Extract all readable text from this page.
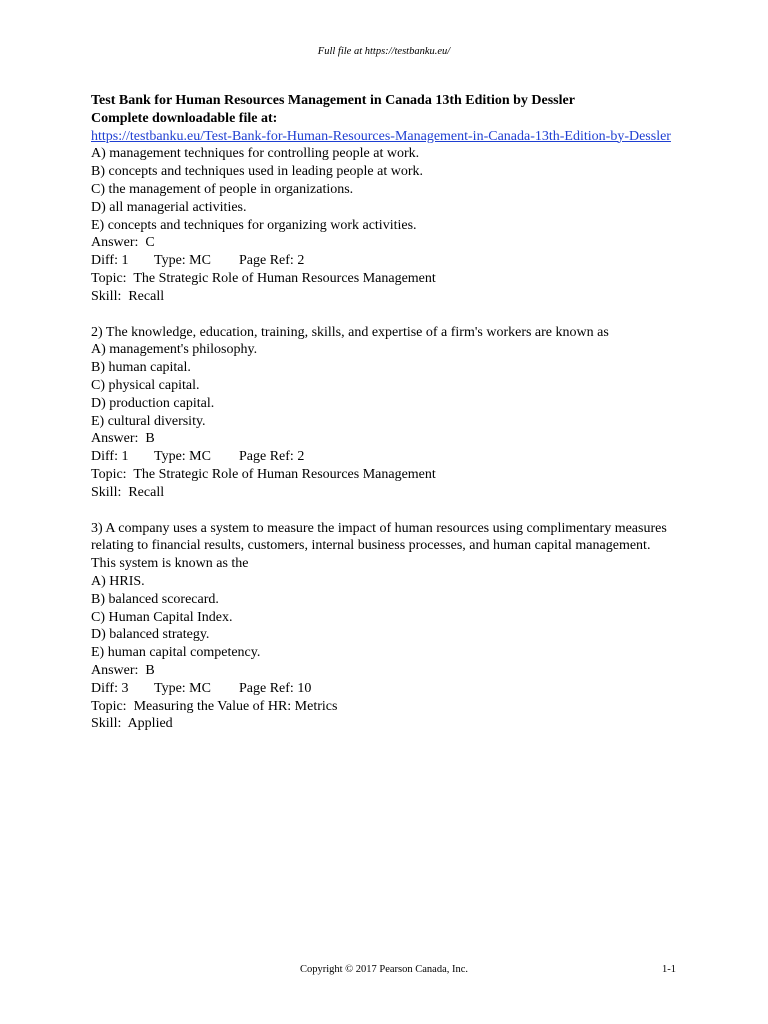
Full file at https://testbanku.eu/
Test Bank for Human Resources Management in Canada 13th Edition by Dessler
Complete downloadable file at:
https://testbanku.eu/Test-Bank-for-Human-Resources-Management-in-Canada-13th-Edition-by-Dessler
A) management techniques for controlling people at work.
B) concepts and techniques used in leading people at work.
C) the management of people in organizations.
D) all managerial activities.
E) concepts and techniques for organizing work activities.
Answer:  C
Diff: 1 Type: MC Page Ref: 2
Topic:  The Strategic Role of Human Resources Management
Skill:  Recall
2) The knowledge, education, training, skills, and expertise of a firm's workers are known as
A) management's philosophy.
B) human capital.
C) physical capital.
D) production capital.
E) cultural diversity.
Answer:  B
Diff: 1 Type: MC Page Ref: 2
Topic:  The Strategic Role of Human Resources Management
Skill:  Recall
3) A company uses a system to measure the impact of human resources using complimentary measures relating to financial results, customers, internal business processes, and human capital management. This system is known as the
A) HRIS.
B) balanced scorecard.
C) Human Capital Index.
D) balanced strategy.
E) human capital competency.
Answer:  B
Diff: 3 Type: MC Page Ref: 10
Topic:  Measuring the Value of HR: Metrics
Skill:  Applied
Copyright © 2017 Pearson Canada, Inc.	1-1
